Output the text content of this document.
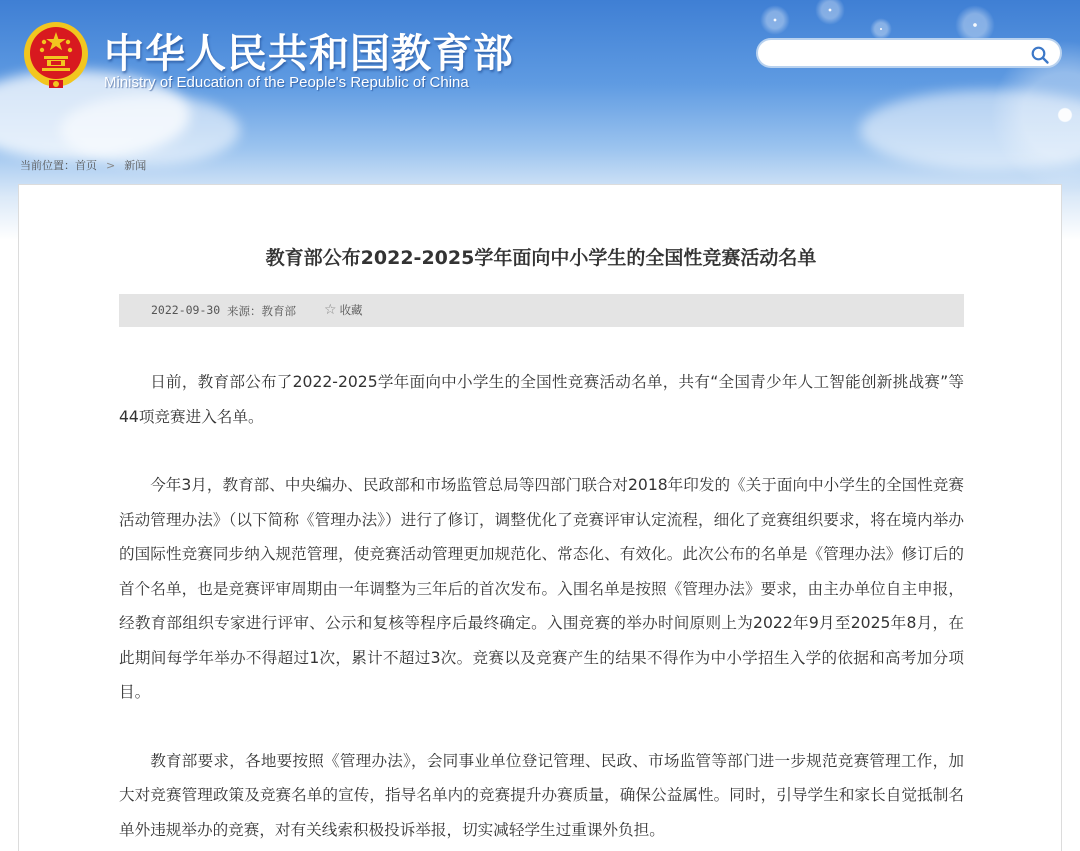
中华人民共和国教育部
Ministry of Education of the People's Republic of China
当前位置：首页 > 新闻
教育部公布2022-2025学年面向中小学生的全国性竞赛活动名单
2022-09-30 来源：教育部 ☆ 收藏

日前，教育部公布了2022-2025学年面向中小学生的全国性竞赛活动名单，共有“全国青少年人工智能创新挑战赛”等44项竞赛进入名单。

今年3月，教育部、中央编办、民政部和市场监管总局等四部门联合对2018年印发的《关于面向中小学生的全国性竞赛活动管理办法》（以下简称《管理办法》）进行了修订，调整优化了竞赛评审认定流程，细化了竞赛组织要求，将在境内举办的国际性竞赛同步纳入规范管理，使竞赛活动管理更加规范化、常态化、有效化。此次公布的名单是《管理办法》修订后的首个名单，也是竞赛评审周期由一年调整为三年后的首次发布。入围名单是按照《管理办法》要求，由主办单位自主申报，经教育部组织专家进行评审、公示和复核等程序后最终确定。入围竞赛的举办时间原则上为2022年9月至2025年8月，在此期间每学年举办不得超过1次，累计不超过3次。竞赛以及竞赛产生的结果不得作为中小学招生入学的依据和高考加分项目。

教育部要求，各地要按照《管理办法》，会同事业单位登记管理、民政、市场监管等部门进一步规范竞赛管理工作，加大对竞赛管理政策及竞赛名单的宣传，指导名单内的竞赛提升办赛质量，确保公益属性。同时，引导学生和家长自觉抵制名单外违规举办的竞赛，对有关线索积极投诉举报，切实减轻学生过重课外负担。
